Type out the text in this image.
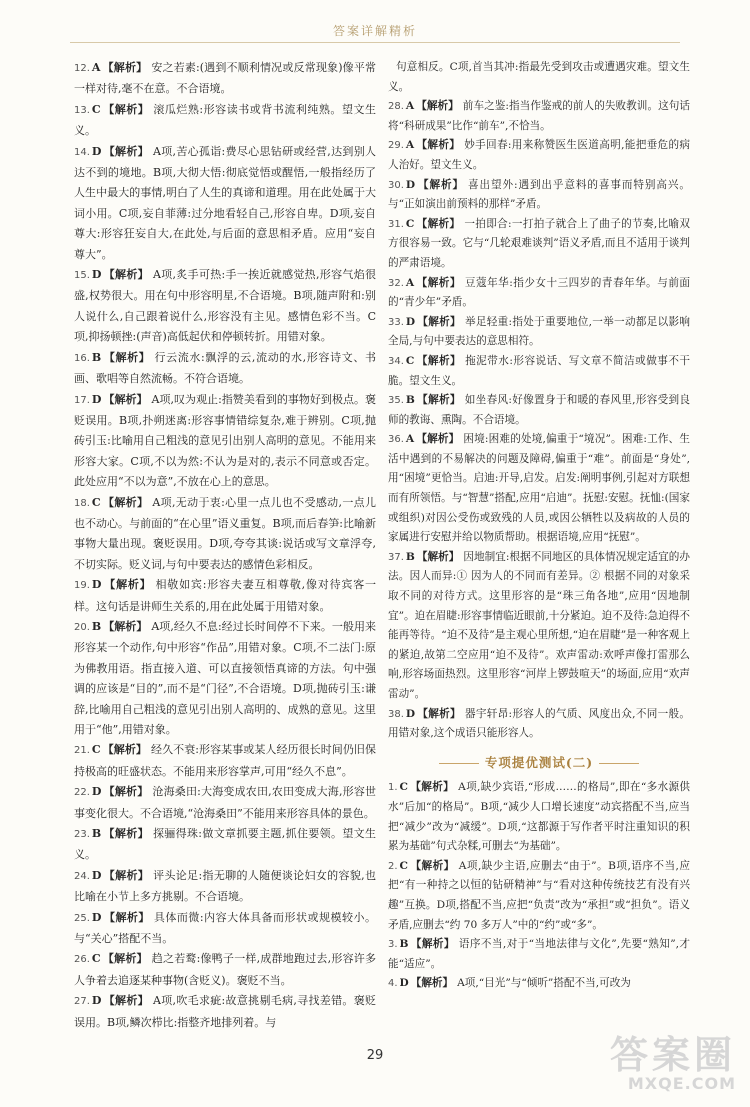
答案详解精析

12. A 【解析】 安之若素:(遇到不顺利情况或反常现象)像平常一样对待,毫不在意。不合语境。

13. C 【解析】 滚瓜烂熟:形容读书或背书流利纯熟。望文生义。

14. D 【解析】 A项,苦心孤诣:费尽心思钻研或经营,达到别人达不到的境地。B项,大彻大悟:彻底觉悟或醒悟,一般指经历了人生中最大的事情,明白了人生的真谛和道理。用在此处属于大词小用。C项,妄自菲薄:过分地看轻自己,形容自卑。D项,妄自尊大:形容狂妄自大,在此处,与后面的意思相矛盾。应用“妄自尊大”。

15. D 【解析】 A项,炙手可热:手一挨近就感觉热,形容气焰很盛,权势很大。用在句中形容明星,不合语境。B项,随声附和:别人说什么,自己跟着说什么,形容没有主见。感情色彩不当。C项,抑扬顿挫:(声音)高低起伏和停顿转折。用错对象。

16. B 【解析】 行云流水:飘浮的云,流动的水,形容诗文、书画、歌唱等自然流畅。不符合语境。

17. D 【解析】 A项,叹为观止:指赞美看到的事物好到极点。褒贬误用。B项,扑朔迷离:形容事情错综复杂,难于辨别。C项,抛砖引玉:比喻用自己粗浅的意见引出别人高明的意见。不能用来形容大家。C项,不以为然:不认为是对的,表示不同意或否定。此处应用“不以为意”,不放在心上的意思。

18. C 【解析】 A项,无动于衷:心里一点儿也不受感动,一点儿也不动心。与前面的“在心里”语义重复。B项,而后春笋:比喻新事物大量出现。褒贬误用。D项,夸夸其谈:说话或写文章浮夸,不切实际。贬义词,与句中要表达的感情色彩相反。

19. D 【解析】 相敬如宾:形容夫妻互相尊敬,像对待宾客一样。这句话是讲师生关系的,用在此处属于用错对象。

20. B 【解析】 A项,经久不息:经过长时间停不下来。一般用来形容某一个动作,句中形容“作品”,用错对象。C项,不二法门:原为佛教用语。指直接入道、可以直接领悟真谛的方法。句中强调的应该是“目的”,而不是“门径”,不合语境。D项,抛砖引玉:谦辞,比喻用自己粗浅的意见引出别人高明的、成熟的意见。这里用于“他”,用错对象。

21. C 【解析】 经久不衰:形容某事或某人经历很长时间仍旧保持极高的旺盛状态。不能用来形容掌声,可用“经久不息”。

22. D 【解析】 沧海桑田:大海变成农田,农田变成大海,形容世事变化很大。不合语境,“沧海桑田”不能用来形容具体的景色。

23. B 【解析】 探骊得珠:做文章抓要主题,抓住要领。望文生义。

24. D 【解析】 评头论足:指无聊的人随便谈论妇女的容貌,也比喻在小节上多方挑剔。不合语境。

25. D 【解析】 具体而微:内容大体具备而形状或规模较小。与“关心”搭配不当。

26. C 【解析】 趋之若鹜:像鸭子一样,成群地跑过去,形容许多人争着去追逐某种事物(含贬义)。褒贬不当。

27. D 【解析】 A项,吹毛求疵:故意挑剔毛病,寻找差错。褒贬误用。B项,鳞次栉比:指整齐地排列着。与

句意相反。C项,首当其冲:指最先受到攻击或遭遇灾难。望文生义。

28. A 【解析】 前车之鉴:指当作鉴戒的前人的失败教训。这句话将“科研成果”比作“前车”,不恰当。

29. A 【解析】 妙手回春:用来称赞医生医道高明,能把垂危的病人治好。望文生义。

30. D 【解析】 喜出望外:遇到出乎意料的喜事而特别高兴。与“正如演出前预料的那样”矛盾。

31. C 【解析】 一拍即合:一打拍子就合上了曲子的节奏,比喻双方很容易一致。它与“几轮艰难谈判”语义矛盾,而且不适用于谈判的严肃语境。

32. A 【解析】 豆蔻年华:指少女十三四岁的青春年华。与前面的“青少年”矛盾。

33. D 【解析】 举足轻重:指处于重要地位,一举一动都足以影响全局,与句中要表达的意思相符。

34. C 【解析】 拖泥带水:形容说话、写文章不简洁或做事不干脆。望文生义。

35. B 【解析】 如坐春风:好像置身于和暖的春风里,形容受到良师的教诲、熏陶。不合语境。

36. A 【解析】 困境:困难的处境,偏重于“境况”。困难:工作、生活中遇到的不易解决的问题及障碍,偏重于“难”。前面是“身处”,用“困境”更恰当。启迪:开导,启发。启发:阐明事例,引起对方联想而有所领悟。与“智慧”搭配,应用“启迪”。抚慰:安慰。抚恤:(国家或组织)对因公受伤或致残的人员,或因公牺牲以及病故的人员的家属进行安慰并给以物质帮助。根据语境,应用“抚慰”。

37. B 【解析】 因地制宜:根据不同地区的具体情况规定适宜的办法。因人而异:① 因为人的不同而有差异。② 根据不同的对象采取不同的对待方式。这里形容的是“珠三角各地”,应用“因地制宜”。迫在眉睫:形容事情临近眼前,十分紧迫。迫不及待:急迫得不能再等待。“迫不及待”是主观心里所想,“迫在眉睫”是一种客观上的紧迫,故第二空应用“迫不及待”。欢声雷动:欢呼声像打雷那么响,形容场面热烈。这里形容“河岸上锣鼓喧天”的场面,应用“欢声雷动”。

38. D 【解析】 器宇轩昂:形容人的气质、风度出众,不同一般。用错对象,这个成语只能形容人。

专项提优测试(二)

1. C 【解析】 A项,缺少宾语,“形成……的格局”,即在“多水源供水”后加“的格局”。B项,“减少人口增长速度”动宾搭配不当,应当把“减少”改为“减缓”。D项,“这都源于写作者平时注重知识的积累为基础”句式杂糅,可删去“为基础”。

2. C 【解析】 A项,缺少主语,应删去“由于”。B项,语序不当,应把“有一种持之以恒的钻研精神”与“看对这种传统技艺有没有兴趣”互换。D项,搭配不当,应把“负责”改为“承担”或“担负”。语义矛盾,应删去“约 70 多万人”中的“约”或“多”。

3. B 【解析】 语序不当,对于“当地法律与文化”,先要“熟知”,才能“适应”。

4. D 【解析】 A项,“目光”与“倾听”搭配不当,可改为

29	答案圈
MXQE.COM
